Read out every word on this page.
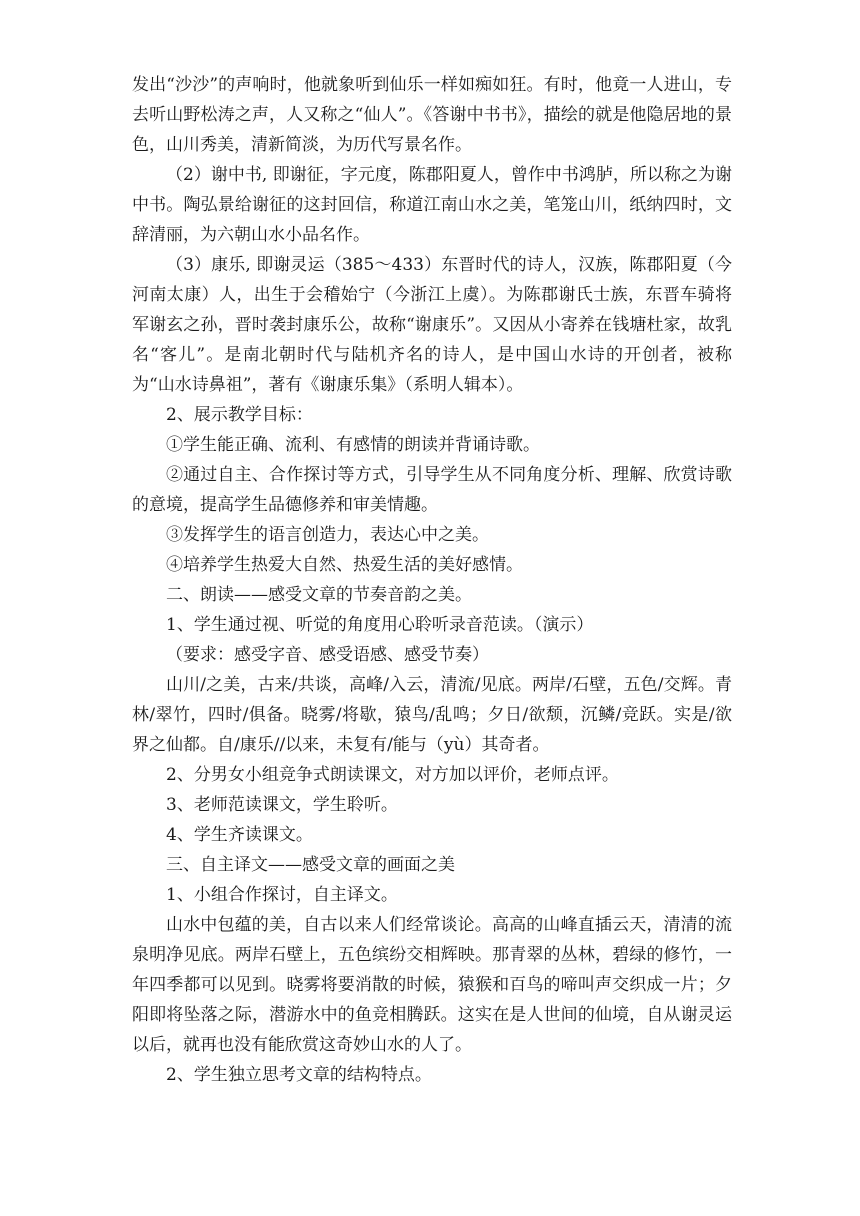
发出“沙沙”的声响时，他就象听到仙乐一样如痴如狂。有时，他竟一人进山，专去听山野松涛之声，人又称之“仙人”。《答谢中书书》，描绘的就是他隐居地的景色，山川秀美，清新简淡，为历代写景名作。

（2）谢中书, 即谢征，字元度，陈郡阳夏人，曾作中书鸿胪，所以称之为谢中书。陶弘景给谢征的这封回信，称道江南山水之美，笔笼山川，纸纳四时，文辞清丽，为六朝山水小品名作。

（3）康乐, 即谢灵运（385～433）东晋时代的诗人，汉族，陈郡阳夏（今河南太康）人，出生于会稽始宁（今浙江上虞）。为陈郡谢氏士族，东晋车骑将军谢玄之孙，晋时袭封康乐公，故称“谢康乐”。又因从小寄养在钱塘杜家，故乳名“客儿”。是南北朝时代与陆机齐名的诗人，是中国山水诗的开创者，被称为“山水诗鼻祖”，著有《谢康乐集》（系明人辑本）。

2、展示教学目标：

①学生能正确、流利、有感情的朗读并背诵诗歌。

②通过自主、合作探讨等方式，引导学生从不同角度分析、理解、欣赏诗歌的意境，提高学生品德修养和审美情趣。

③发挥学生的语言创造力，表达心中之美。

④培养学生热爱大自然、热爱生活的美好感情。

二、朗读——感受文章的节奏音韵之美。

1、学生通过视、听觉的角度用心聆听录音范读。（演示）

（要求：感受字音、感受语感、感受节奏）

山川/之美，古来/共谈，高峰/入云，清流/见底。两岸/石壁，五色/交辉。青林/翠竹，四时/俱备。晓雾/将歇，猿鸟/乱鸣；夕日/欲颓，沉鳞/竞跃。实是/欲界之仙都。自/康乐//以来，未复有/能与（yù）其奇者。

2、分男女小组竞争式朗读课文，对方加以评价，老师点评。

3、老师范读课文，学生聆听。

4、学生齐读课文。

三、自主译文——感受文章的画面之美

1、小组合作探讨，自主译文。

山水中包蕴的美，自古以来人们经常谈论。高高的山峰直插云天，清清的流泉明净见底。两岸石壁上，五色缤纷交相辉映。那青翠的丛林，碧绿的修竹，一年四季都可以见到。晓雾将要消散的时候，猿猴和百鸟的啼叫声交织成一片；夕阳即将坠落之际，潜游水中的鱼竞相腾跃。这实在是人世间的仙境，自从谢灵运以后，就再也没有能欣赏这奇妙山水的人了。

2、学生独立思考文章的结构特点。
